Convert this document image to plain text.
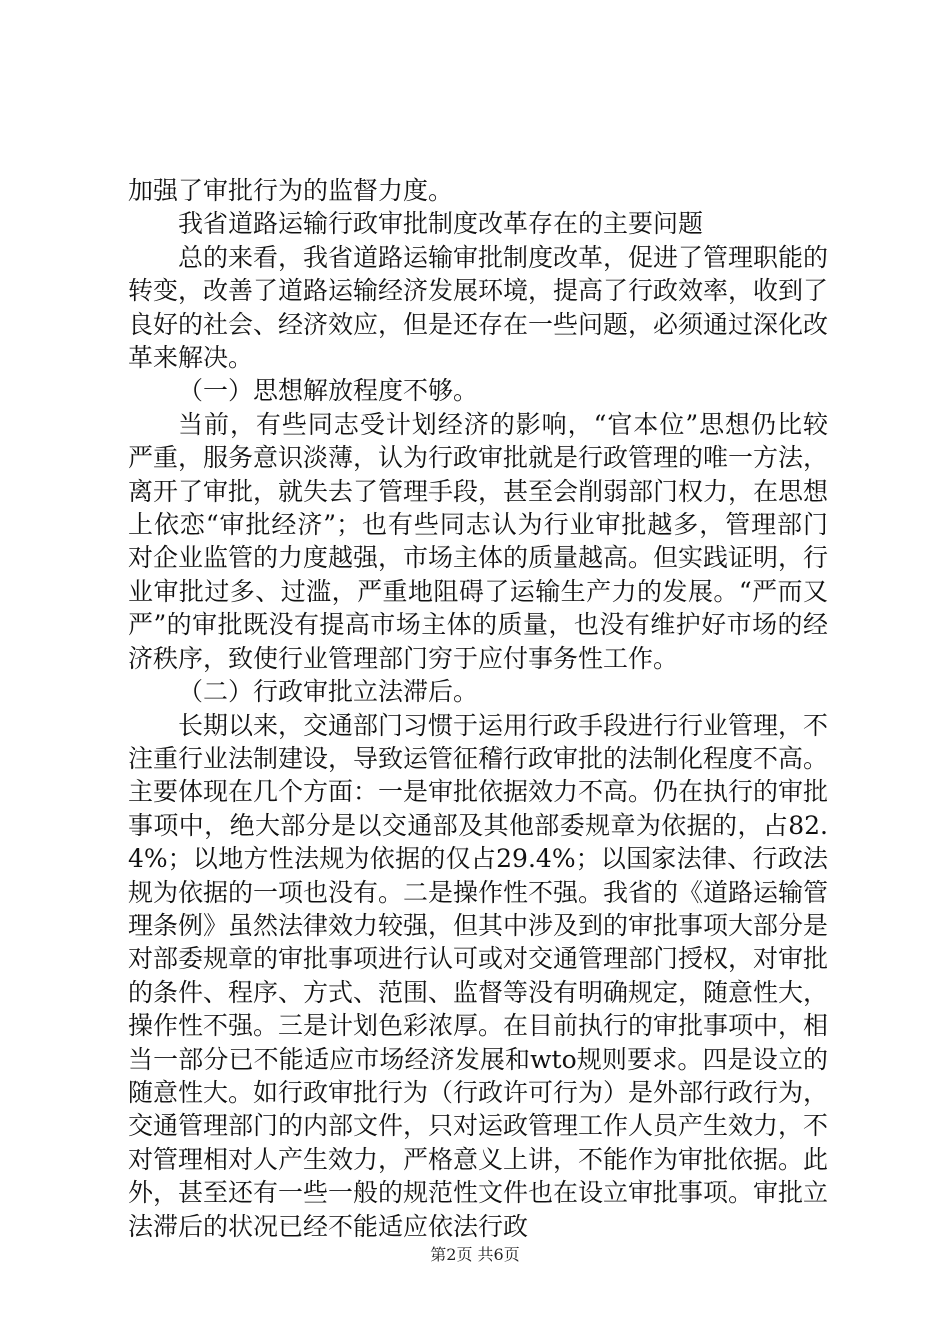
加强了审批行为的监督力度。

我省道路运输行政审批制度改革存在的主要问题

总的来看，我省道路运输审批制度改革，促进了管理职能的转变，改善了道路运输经济发展环境，提高了行政效率，收到了良好的社会、经济效应，但是还存在一些问题，必须通过深化改革来解决。

（一）思想解放程度不够。

当前，有些同志受计划经济的影响，“官本位”思想仍比较严重，服务意识淡薄，认为行政审批就是行政管理的唯一方法，离开了审批，就失去了管理手段，甚至会削弱部门权力，在思想上依恋“审批经济”；也有些同志认为行业审批越多，管理部门对企业监管的力度越强，市场主体的质量越高。但实践证明，行业审批过多、过滥，严重地阻碍了运输生产力的发展。“严而又严”的审批既没有提高市场主体的质量，也没有维护好市场的经济秩序，致使行业管理部门穷于应付事务性工作。

（二）行政审批立法滞后。

长期以来，交通部门习惯于运用行政手段进行行业管理，不注重行业法制建设，导致运管征稽行政审批的法制化程度不高。主要体现在几个方面：一是审批依据效力不高。仍在执行的审批事项中，绝大部分是以交通部及其他部委规章为依据的，占82.4%；以地方性法规为依据的仅占29.4%；以国家法律、行政法规为依据的一项也没有。二是操作性不强。我省的《道路运输管理条例》虽然法律效力较强，但其中涉及到的审批事项大部分是对部委规章的审批事项进行认可或对交通管理部门授权，对审批的条件、程序、方式、范围、监督等没有明确规定，随意性大，操作性不强。三是计划色彩浓厚。在目前执行的审批事项中，相当一部分已不能适应市场经济发展和wto规则要求。四是设立的随意性大。如行政审批行为（行政许可行为）是外部行政行为，交通管理部门的内部文件，只对运政管理工作人员产生效力，不对管理相对人产生效力，严格意义上讲，不能作为审批依据。此外，甚至还有一些一般的规范性文件也在设立审批事项。审批立法滞后的状况已经不能适应依法行政

第2页 共6页
